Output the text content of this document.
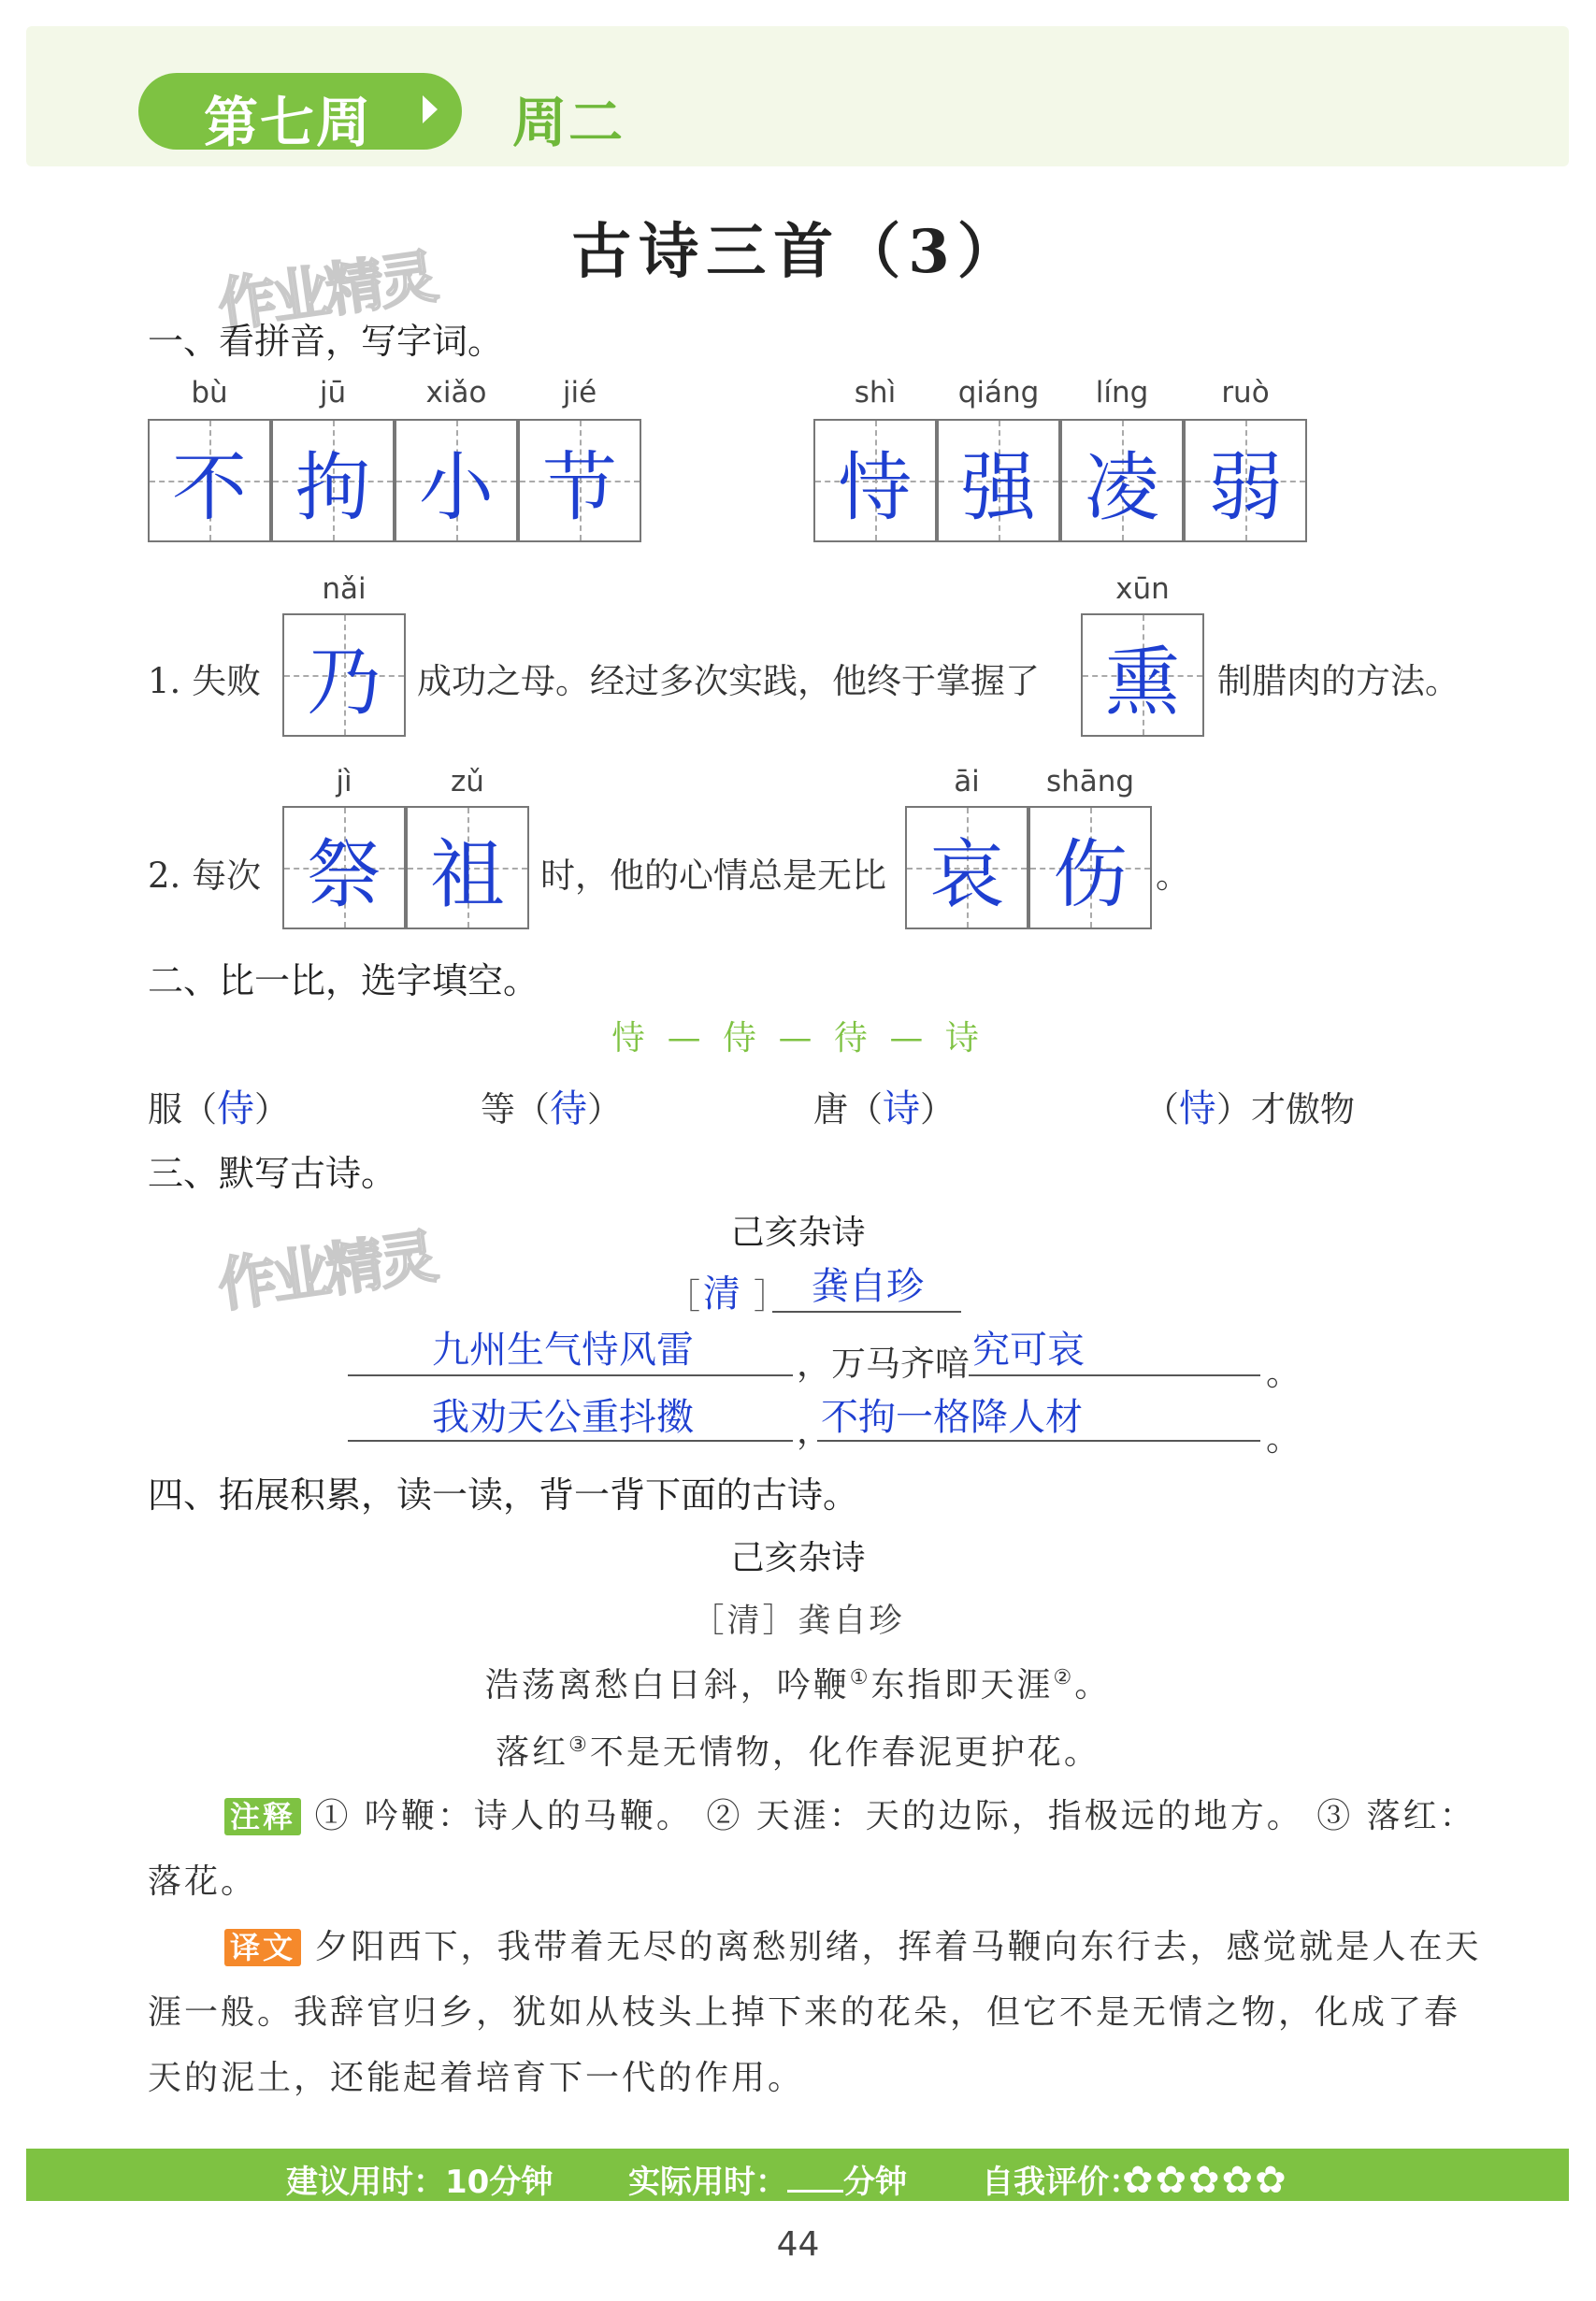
第七周	周二
古诗三首（3）
作业精灵
作业精灵
一、看拼音，写字词。
bù	jū	xiǎo	jié
不 拘 小 节
shì	qiáng	líng	ruò
恃 强 凌 弱
1. 失败
nǎi
乃	成功之母。经过多次实践，他终于掌握了
xūn
熏	制腊肉的方法。
2. 每次
jì	zǔ
祭 祖	时，他的心情总是无比
āi	shāng
哀 伤 。
二、比一比，选字填空。
恃 — 侍 — 待 — 诗
服（侍）	等（待）	唐（诗）	（恃）才傲物
三、默写古诗。
己亥杂诗
［ 清 ］ 龚自珍
九州生气恃风雷	，万马齐喑 究可哀
。
我劝天公重抖擞	，
不拘一格降人材	。
四、拓展积累，读一读，背一背下面的古诗。
己亥杂诗
［清］龚自珍
浩荡离愁白日斜，吟鞭①东指即天涯②。
落红③不是无情物，化作春泥更护花。
注释 ① 吟鞭：诗人的马鞭。 ② 天涯：天的边际，指极远的地方。 ③ 落红：落花。
译文 夕阳西下，我带着无尽的离愁别绪，挥着马鞭向东行去，感觉就是人在天涯一般。我辞官归乡，犹如从枝头上掉下来的花朵，但它不是无情之物，化成了春天的泥土，还能起着培育下一代的作用。
建议用时：10分钟 实际用时： 分钟 自我评价：
✿✿✿✿✿
44
